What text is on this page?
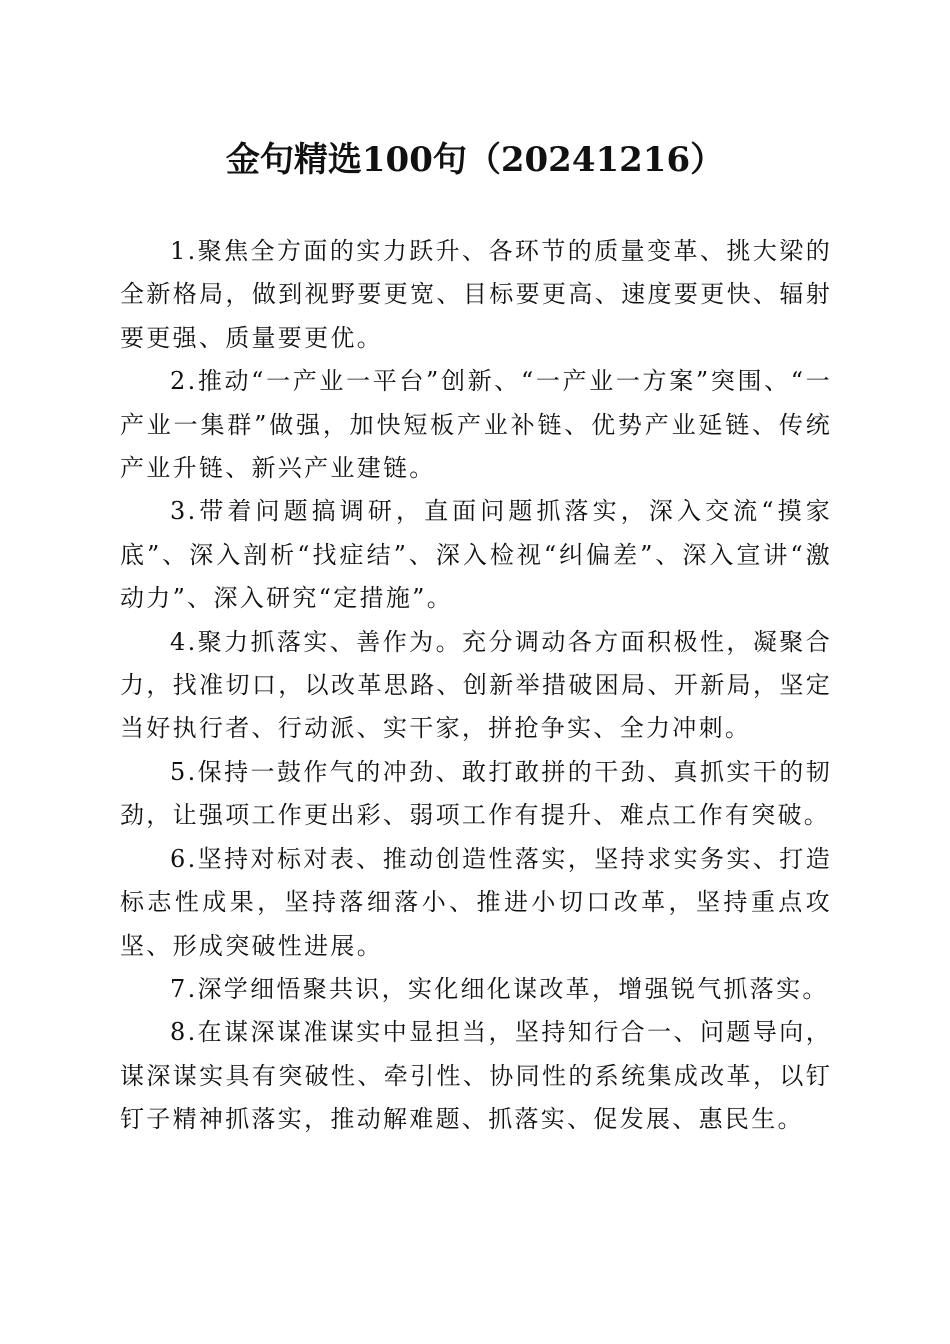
金句精选100句（20241216）

1.聚焦全方面的实力跃升、各环节的质量变革、挑大梁的全新格局，做到视野要更宽、目标要更高、速度要更快、辐射要更强、质量要更优。

2.推动“一产业一平台”创新、“一产业一方案”突围、“一产业一集群”做强，加快短板产业补链、优势产业延链、传统产业升链、新兴产业建链。

3.带着问题搞调研，直面问题抓落实，深入交流“摸家底”、深入剖析“找症结”、深入检视“纠偏差”、深入宣讲“激动力”、深入研究“定措施”。

4.聚力抓落实、善作为。充分调动各方面积极性，凝聚合力，找准切口，以改革思路、创新举措破困局、开新局，坚定当好执行者、行动派、实干家，拼抢争实、全力冲刺。

5.保持一鼓作气的冲劲、敢打敢拼的干劲、真抓实干的韧劲，让强项工作更出彩、弱项工作有提升、难点工作有突破。

6.坚持对标对表、推动创造性落实，坚持求实务实、打造标志性成果，坚持落细落小、推进小切口改革，坚持重点攻坚、形成突破性进展。

7.深学细悟聚共识，实化细化谋改革，增强锐气抓落实。

8.在谋深谋准谋实中显担当，坚持知行合一、问题导向，谋深谋实具有突破性、牵引性、协同性的系统集成改革，以钉钉子精神抓落实，推动解难题、抓落实、促发展、惠民生。
